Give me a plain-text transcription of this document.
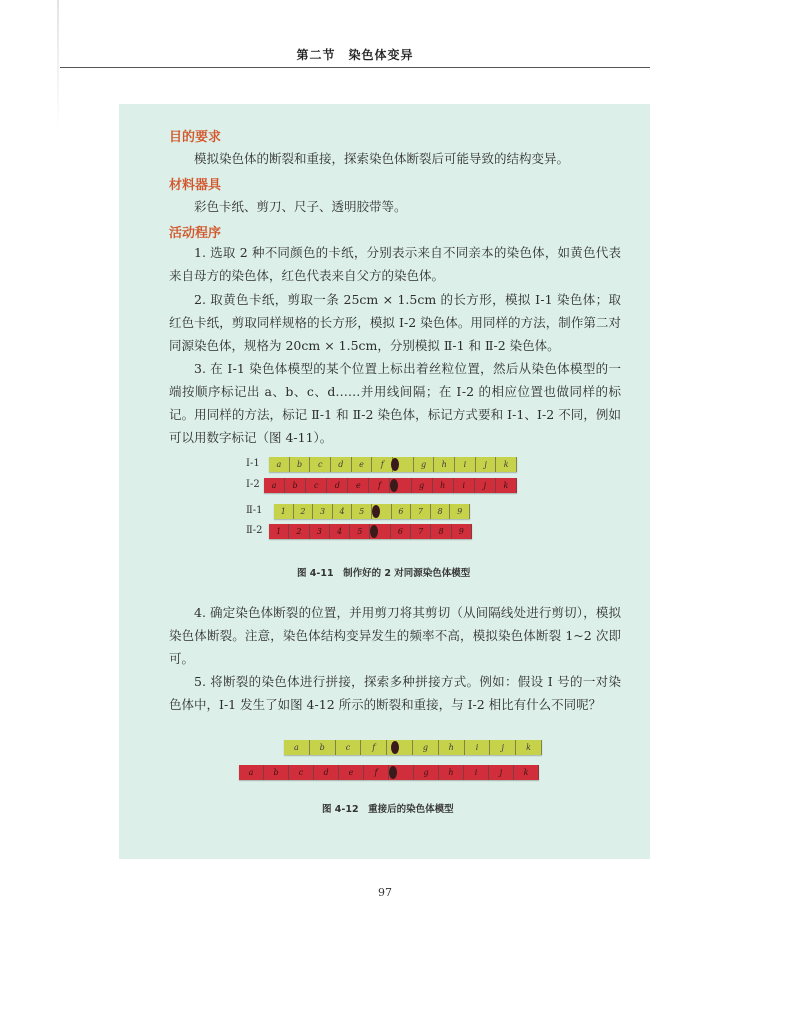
第二节　染色体变异
目的要求
模拟染色体的断裂和重接，探索染色体断裂后可能导致的结构变异。
材料器具
彩色卡纸、剪刀、尺子、透明胶带等。
活动程序
1. 选取 2 种不同颜色的卡纸，分别表示来自不同亲本的染色体，如黄色代表来自母方的染色体，红色代表来自父方的染色体。
2. 取黄色卡纸，剪取一条 25cm × 1.5cm 的长方形，模拟 Ⅰ-1 染色体；取红色卡纸，剪取同样规格的长方形，模拟 Ⅰ-2 染色体。用同样的方法，制作第二对同源染色体，规格为 20cm × 1.5cm，分别模拟 Ⅱ-1 和 Ⅱ-2 染色体。
3. 在 Ⅰ-1 染色体模型的某个位置上标出着丝粒位置，然后从染色体模型的一端按顺序标记出 a、b、c、d……并用线间隔；在 Ⅰ-2 的相应位置也做同样的标记。用同样的方法，标记 Ⅱ-1 和 Ⅱ-2 染色体，标记方式要和 Ⅰ-1、Ⅰ-2 不同，例如可以用数字标记（图 4-11）。
Ⅰ-1	a	b	c	d	e	f	g	h	i	j	k
Ⅰ-2	a	b	c	d	e	f	g	h	i	j	k
Ⅱ-1	1	2	3	4	5	6	7	8	9
Ⅱ-2	1	2	3	4	5	6	7	8	9
图 4-11　制作好的 2 对同源染色体模型
4. 确定染色体断裂的位置，并用剪刀将其剪切（从间隔线处进行剪切），模拟染色体断裂。注意，染色体结构变异发生的频率不高，模拟染色体断裂 1~2 次即可。
5. 将断裂的染色体进行拼接，探索多种拼接方式。例如：假设 Ⅰ 号的一对染色体中，Ⅰ-1 发生了如图 4-12 所示的断裂和重接，与 Ⅰ-2 相比有什么不同呢？
a	b	c	f	g	h	i	j	k
a	b	c	d	e	f	g	h	i	j	k
图 4-12　重接后的染色体模型
97
